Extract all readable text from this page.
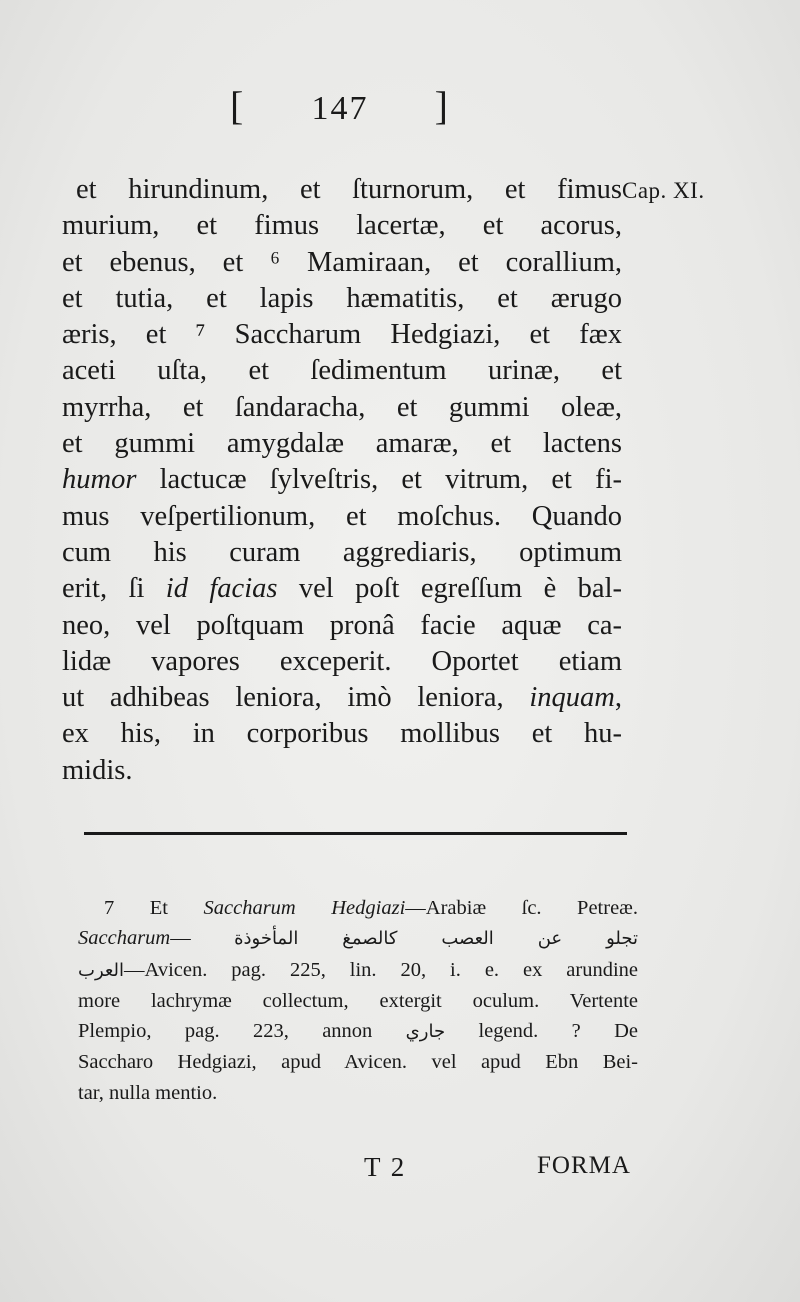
[ 147 ]
Cap. XI.
et hirundinum, et ſturnorum, et fimus
murium, et fimus lacertæ, et acorus,
et ebenus, et ⁶ Mamiraan, et corallium,
et tutia, et lapis hæmatitis, et ærugo
æris, et ⁷ Saccharum Hedgiazi, et fæx
aceti uſta, et ſedimentum urinæ, et
myrrha, et ſandaracha, et gummi oleæ,
et gummi amygdalæ amaræ, et lactens
humor lactucæ ſylveſtris, et vitrum, et fi-
mus veſpertilionum, et moſchus. Quando
cum his curam aggrediaris, optimum
erit, ſi id facias vel poſt egreſſum è bal-
neo, vel poſtquam pronâ facie aquæ ca-
lidæ vapores exceperit. Oportet etiam
ut adhibeas leniora, imò leniora, inquam,
ex his, in corporibus mollibus et hu-
midis.
7 Et Saccharum Hedgiazi—Arabiæ ſc. Petreæ.
Saccharum— تجلو عن العصب كالصمغ المأخوذة
العرب—Avicen. pag. 225, lin. 20, i. e. ex arundine
more lachrymæ collectum, extergit oculum. Vertente
Plempio, pag. 223, annon جاري legend. ? De
Saccharo Hedgiazi, apud Avicen. vel apud Ebn Bei-
tar, nulla mentio.
T 2	FORMA
